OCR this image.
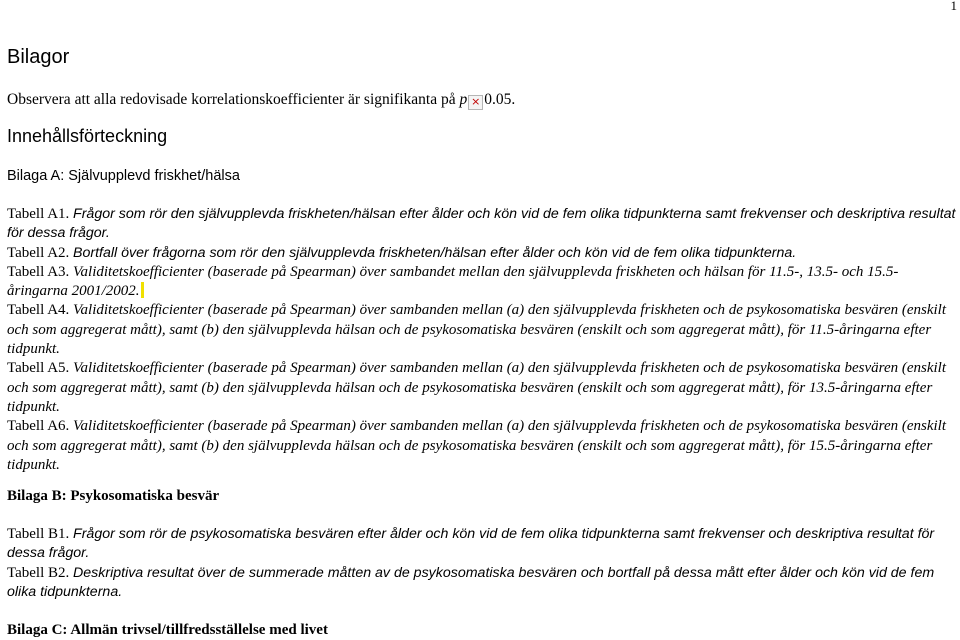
1
Bilagor
Observera att alla redovisade korrelationskoefficienter är signifikanta på p × 0.05.
Innehållsförteckning
Bilaga A: Självupplevd friskhet/hälsa

Tabell A1. Frågor som rör den självupplevda friskheten/hälsan efter ålder och kön vid de fem olika tidpunkterna samt frekvenser och deskriptiva resultat för dessa frågor.

Tabell A2. Bortfall över frågorna som rör den självupplevda friskheten/hälsan efter ålder och kön vid de fem olika tidpunkterna.

Tabell A3. Validitetskoefficienter (baserade på Spearman) över sambandet mellan den självupplevda friskheten och hälsan för 11.5-, 13.5- och 15.5-åringarna 2001/2002.

Tabell A4. Validitetskoefficienter (baserade på Spearman) över sambanden mellan (a) den självupplevda friskheten och de psykosomatiska besvären (enskilt och som aggregerat mått), samt (b) den självupplevda hälsan och de psykosomatiska besvären (enskilt och som aggregerat mått), för 11.5-åringarna efter tidpunkt.

Tabell A5. Validitetskoefficienter (baserade på Spearman) över sambanden mellan (a) den självupplevda friskheten och de psykosomatiska besvären (enskilt och som aggregerat mått), samt (b) den självupplevda hälsan och de psykosomatiska besvären (enskilt och som aggregerat mått), för 13.5-åringarna efter tidpunkt.

Tabell A6. Validitetskoefficienter (baserade på Spearman) över sambanden mellan (a) den självupplevda friskheten och de psykosomatiska besvären (enskilt och som aggregerat mått), samt (b) den självupplevda hälsan och de psykosomatiska besvären (enskilt och som aggregerat mått), för 15.5-åringarna efter tidpunkt.

Bilaga B: Psykosomatiska besvär

Tabell B1. Frågor som rör de psykosomatiska besvären efter ålder och kön vid de fem olika tidpunkterna samt frekvenser och deskriptiva resultat för dessa frågor.

Tabell B2. Deskriptiva resultat över de summerade måtten av de psykosomatiska besvären och bortfall på dessa mått efter ålder och kön vid de fem olika tidpunkterna.

Bilaga C: Allmän trivsel/tillfredsställelse med livet
